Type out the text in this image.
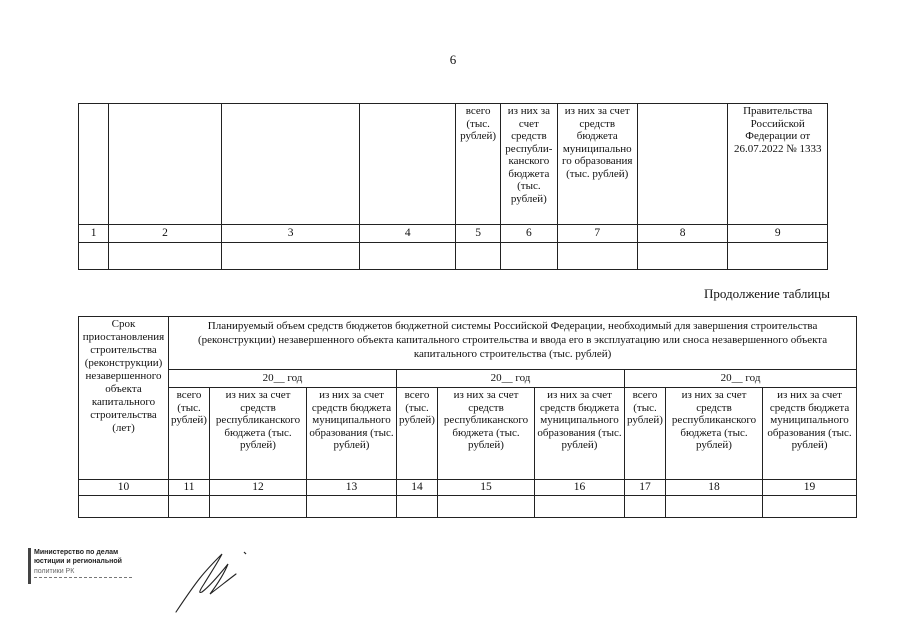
6
				всего (тыс. рублей)	из них за счет средств республи-канского бюджета (тыс. рублей)	из них за счет средств бюджета муниципально го образования (тыс. рублей)		Правительства Российской Федерации от 26.07.2022 № 1333
1	2	3	4	5	6	7	8	9

Продолжение таблицы
Срок приостановления строительства (реконструкции) незавершенного объекта капитального строительства (лет)	Планируемый объем средств бюджетов бюджетной системы Российской Федерации, необходимый для завершения строительства (реконструкции) незавершенного объекта капитального строительства и ввода его в эксплуатацию или сноса незавершенного объекта капитального строительства (тыс. рублей)								
	20__ год			20__ год			20__ год		
	всего (тыс. рублей)	из них за счет средств республиканского бюджета (тыс. рублей)	из них за счет средств бюджета муниципального образования (тыс. рублей)	всего (тыс. рублей)	из них за счет средств республиканского бюджета (тыс. рублей)	из них за счет средств бюджета муниципального образования (тыс. рублей)	всего (тыс. рублей)	из них за счет средств республиканского бюджета (тыс. рублей)	из них за счет средств бюджета муниципального образования (тыс. рублей)
10	11	12	13	14	15	16	17	18	19

Министерство по делам
юстиции и региональной
политики РК
